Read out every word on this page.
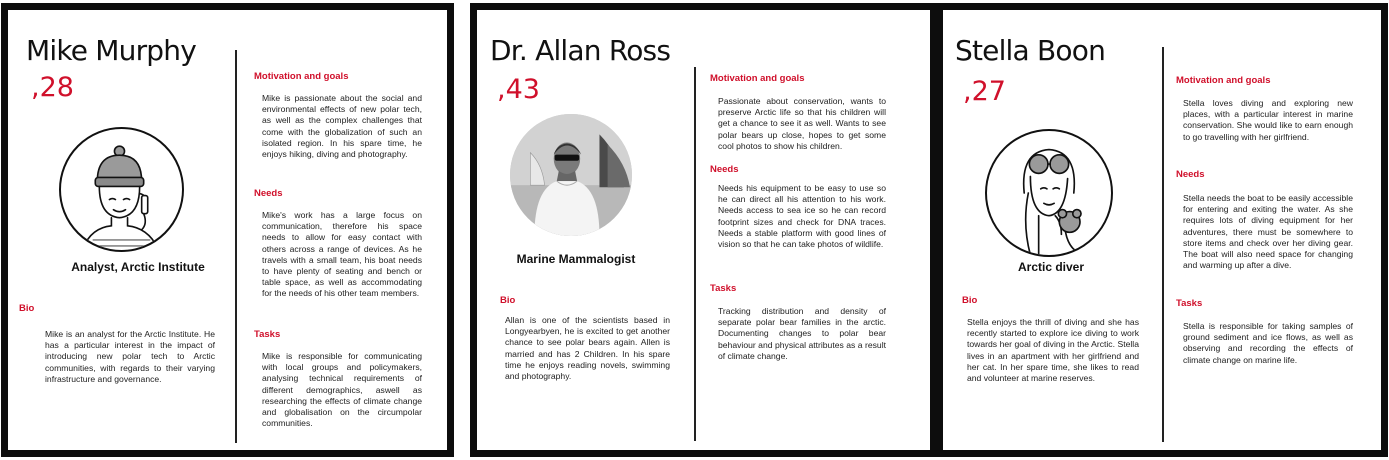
Mike Murphy
,28
Analyst, Arctic Institute
Bio

Mike is an analyst for the Arctic Institute. He has a particular interest in the impact of introducing new polar tech to Arctic communities, with regards to their varying infrastructure and governance.

Motivation and goals

Mike is passionate about the social and environmental effects of new polar tech, as well as the complex challenges that come with the globalization of such an isolated region. In his spare time, he enjoys hiking, diving and photography.

Needs

Mike's work has a large focus on communication, therefore his space needs to allow for easy contact with others across a range of devices. As he travels with a small team, his boat needs to have plenty of seating and bench or table space, as well as accommodating for the needs of his other team members.

Tasks

Mike is responsible for communicating with local groups and policymakers, analysing technical requirements of different demographics, aswell as researching the effects of climate change and globalisation on the circumpolar communities.

Dr. Allan Ross
,43
Marine Mammalogist
Bio

Allan is one of the scientists based in Longyearbyen, he is excited to get another chance to see polar bears again. Allen is married and has 2 Children. In his spare time he enjoys reading novels, swimming and photography.

Motivation and goals

Passionate about conservation, wants to preserve Arctic life so that his children will get a chance to see it as well. Wants to see polar bears up close, hopes to get some cool photos to show his children.

Needs

Needs his equipment to be easy to use so he can direct all his attention to his work. Needs access to sea ice so he can record footprint sizes and check for DNA traces. Needs a stable platform with good lines of vision so that he can take photos of wildlife.

Tasks

Tracking distribution and density of separate polar bear families in the arctic. Documenting changes to polar bear behaviour and physical attributes as a result of climate change.

Stella Boon
,27
Arctic diver
Bio

Stella enjoys the thrill of diving and she has recently started to explore ice diving to work towards her goal of diving in the Arctic. Stella lives in an apartment with her girlfriend and her cat. In her spare time, she likes to read and volunteer at marine reserves.

Motivation and goals

Stella loves diving and exploring new places, with a particular interest in marine conservation. She would like to earn enough to go travelling with her girlfriend.

Needs

Stella needs the boat to be easily accessible for entering and exiting the water. As she requires lots of diving equipment for her adventures, there must be somewhere to store items and check over her diving gear. The boat will also need space for changing and warming up after a dive.

Tasks

Stella is responsible for taking samples of ground sediment and ice flows, as well as observing and recording the effects of climate change on marine life.
